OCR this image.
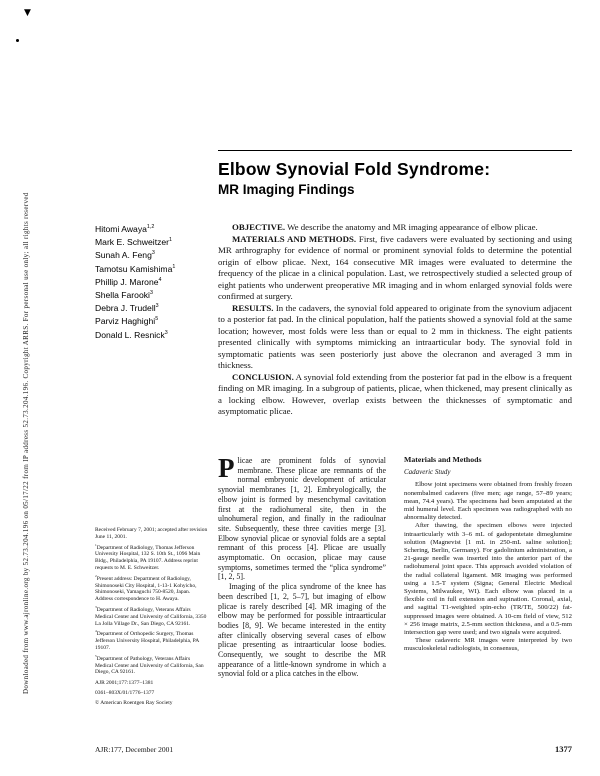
▼
Downloaded from www.ajronline.org by 52.73.204.196 on 05/17/22 from IP address 52.73.204.196. Copyright ARRS. For personal use only; all rights reserved
Elbow Synovial Fold Syndrome:
MR Imaging Findings
Hitomi Awaya$^{1,2}$
Mark E. Schweitzer$^1$
Sunah A. Feng$^3$
Tamotsu Kamishima$^1$
Phillip J. Marone$^4$
Shella Farooki$^3$
Debra J. Trudell$^3$
Parviz Haghighi$^5$
Donald L. Resnick$^3$

OBJECTIVE. We describe the anatomy and MR imaging appearance of elbow plicae.

MATERIALS AND METHODS. First, five cadavers were evaluated by sectioning and using MR arthrography for evidence of normal or prominent synovial folds to determine the potential origin of elbow plicae. Next, 164 consecutive MR images were evaluated to determine the frequency of the plicae in a clinical population. Last, we retrospectively studied a selected group of eight patients who underwent preoperative MR imaging and in whom enlarged synovial folds were confirmed at surgery.

RESULTS. In the cadavers, the synovial fold appeared to originate from the synovium adjacent to a posterior fat pad. In the clinical population, half the patients showed a synovial fold at the same location; however, most folds were less than or equal to 2 mm in thickness. The eight patients presented clinically with symptoms mimicking an intraarticular body. The synovial fold in symptomatic patients was seen posteriorly just above the olecranon and averaged 3 mm in thickness.

CONCLUSION. A synovial fold extending from the posterior fat pad in the elbow is a frequent finding on MR imaging. In a subgroup of patients, plicae, when thickened, may present clinically as a locking elbow. However, overlap exists between the thicknesses of symptomatic and asymptomatic plicae.

Received February 7, 2001; accepted after revision June 11, 2001.

$^1$Department of Radiology, Thomas Jefferson University Hospital, 132 S. 10th St., 1096 Main Bldg., Philadelphia, PA 19107. Address reprint requests to M. E. Schweitzer.

$^2$Present address: Department of Radiology, Shimonoseki City Hospital, 1-13-1 Kohyicho, Shimonoseki, Yamaguchi 750-8520, Japan. Address correspondence to H. Awaya.

$^3$Department of Radiology, Veterans Affairs Medical Center and University of California, 3350 La Jolla Village Dr., San Diego, CA 92161.

$^4$Department of Orthopedic Surgery, Thomas Jefferson University Hospital, Philadelphia, PA 19107.

$^5$Department of Pathology, Veterans Affairs Medical Center and University of California, San Diego, CA 92161.

AJR 2001;177:1377–1381

0361–803X/01/1776–1377

© American Roentgen Ray Society

Plicae are prominent folds of synovial membrane. These plicae are remnants of the normal embryonic development of articular synovial membranes [1, 2]. Embryologically, the elbow joint is formed by mesenchymal cavitation first at the radiohumeral site, then in the ulnohumeral region, and finally in the radioulnar site. Subsequently, these three cavities merge [3]. Elbow synovial plicae or synovial folds are a septal remnant of this process [4]. Plicae are usually asymptomatic. On occasion, plicae may cause symptoms, sometimes termed the “plica syndrome” [1, 2, 5].

Imaging of the plica syndrome of the knee has been described [1, 2, 5–7], but imaging of elbow plicae is rarely described [4]. MR imaging of the elbow may be performed for possible intraarticular bodies [8, 9]. We became interested in the entity after clinically observing several cases of elbow plicae presenting as intraarticular loose bodies. Consequently, we sought to describe the MR appearance of a little-known syndrome in which a synovial fold or a plica catches in the elbow.

Materials and Methods
Cadaveric Study

Elbow joint specimens were obtained from freshly frozen nonembalmed cadavers (five men; age range, 57–89 years; mean, 74.4 years). The specimens had been amputated at the mid humeral level. Each specimen was radiographed with no abnormality detected.

After thawing, the specimen elbows were injected intraarticularly with 3–6 mL of gadopentetate dimeglumine solution (Magnevist [1 mL in 250-mL saline solution]; Schering, Berlin, Germany). For gadolinium administration, a 21-gauge needle was inserted into the anterior part of the radiohumeral joint space. This approach avoided violation of the radial collateral ligament. MR imaging was performed using a 1.5-T system (Signa; General Electric Medical Systems, Milwaukee, WI). Each elbow was placed in a flexible coil in full extension and supination. Coronal, axial, and sagittal T1-weighted spin-echo (TR/TE, 500/22) fat-suppressed images were obtained. A 10-cm field of view, 512 × 256 image matrix, 2.5-mm section thickness, and a 0.5-mm intersection gap were used; and two signals were acquired.

These cadaveric MR images were interpreted by two musculoskeletal radiologists, in consensus,

AJR:177, December 2001	1377
